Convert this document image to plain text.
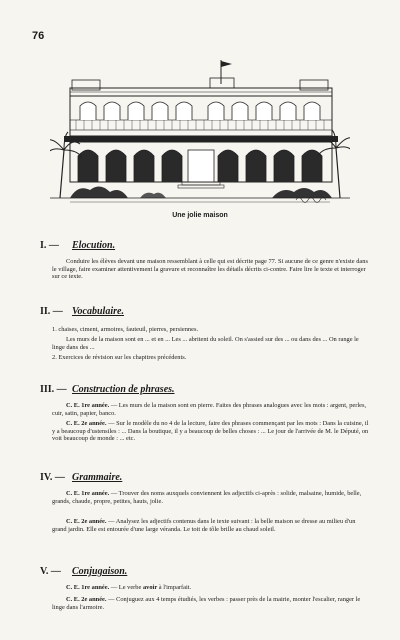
76
Une jolie maison
I. — Elocution.
Conduire les élèves devant une maison ressemblant à celle qui est décrite page 77. Si aucune de ce genre n'existe dans le village, faire examiner attentivement la gravure et reconnaître les détails décrits ci-contre. Faire lire le texte et interroger sur ce texte.
II. — Vocabulaire.
1. chaises, ciment, armoires, fauteuil, pierres, persiennes.
Les murs de la maison sont en ... et en ... Les ... abritent du soleil. On s'assied sur des ... ou dans des ... On range le linge dans des ...
2. Exercices de révision sur les chapitres précédents.
III. — Construction de phrases.
C. E. 1re année. — Les murs de la maison sont en pierre. Faites des phrases analogues avec les mots : argent, perles, cuir, satin, papier, banco.
C. E. 2e année. — Sur le modèle du no 4 de la lecture, faire des phrases commençant par les mots : Dans la cuisine, il y a beaucoup d'ustensiles : ... Dans la boutique, il y a beaucoup de belles choses : ... Le jour de l'arrivée de M. le Député, on voit beaucoup de monde : ... etc.
IV. — Grammaire.
C. E. 1re année. — Trouver des noms auxquels conviennent les adjectifs ci-après : solide, malsaine, humide, belle, grands, chaude, propre, petites, hauts, jolie.
C. E. 2e année. — Analysez les adjectifs contenus dans le texte suivant : la belle maison se dresse au milieu d'un grand jardin. Elle est entourée d'une large véranda. Le toit de tôle brille au chaud soleil.
V. — Conjugaison.
C. E. 1re année. — Le verbe avoir à l'imparfait.
C. E. 2e année. — Conjuguez aux 4 temps étudiés, les verbes : passer près de la mairie, monter l'escalier, ranger le linge dans l'armoire.
